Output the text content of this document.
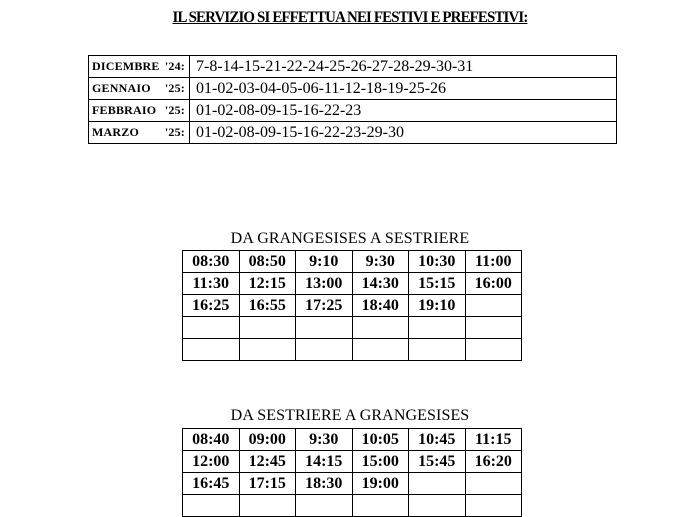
IL SERVIZIO SI EFFETTUA NEI FESTIVI E PREFESTIVI:
DICEMBRE '24:	7-8-14-15-21-22-24-25-26-27-28-29-30-31
GENNAIO '25:	01-02-03-04-05-06-11-12-18-19-25-26
FEBBRAIO '25:	01-02-08-09-15-16-22-23
MARZO '25:	01-02-08-09-15-16-22-23-29-30
DA GRANGESISES A SESTRIERE
08:30	08:50	9:10	9:30	10:30	11:00
11:30	12:15	13:00	14:30	15:15	16:00
16:25	16:55	17:25	18:40	19:10	

DA SESTRIERE A GRANGESISES
08:40	09:00	9:30	10:05	10:45	11:15
12:00	12:45	14:15	15:00	15:45	16:20
16:45	17:15	18:30	19:00		
